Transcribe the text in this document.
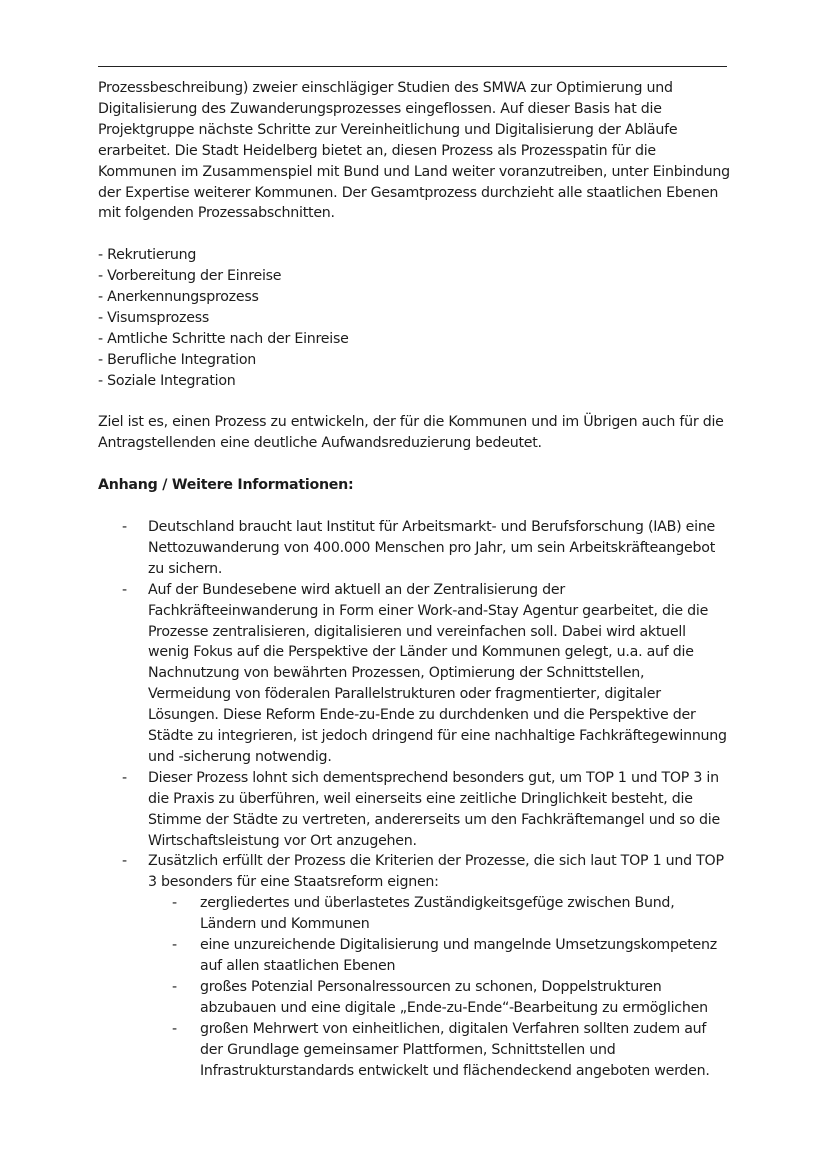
Prozessbeschreibung) zweier einschlägiger Studien des SMWA zur Optimierung und Digitalisierung des Zuwanderungsprozesses eingeflossen. Auf dieser Basis hat die Projektgruppe nächste Schritte zur Vereinheitlichung und Digitalisierung der Abläufe erarbeitet. Die Stadt Heidelberg bietet an, diesen Prozess als Prozesspatin für die Kommunen im Zusammenspiel mit Bund und Land weiter voranzutreiben, unter Einbindung der Expertise weiterer Kommunen. Der Gesamtprozess durchzieht alle staatlichen Ebenen mit folgenden Prozessabschnitten.

- Rekrutierung
- Vorbereitung der Einreise
- Anerkennungsprozess
- Visumsprozess
- Amtliche Schritte nach der Einreise
- Berufliche Integration
- Soziale Integration

Ziel ist es, einen Prozess zu entwickeln, der für die Kommunen und im Übrigen auch für die Antragstellenden eine deutliche Aufwandsreduzierung bedeutet.

Anhang / Weitere Informationen:

- Deutschland braucht laut Institut für Arbeitsmarkt- und Berufsforschung (IAB) eine Nettozuwanderung von 400.000 Menschen pro Jahr, um sein Arbeitskräfteangebot zu sichern.
- Auf der Bundesebene wird aktuell an der Zentralisierung der Fachkräfteeinwanderung in Form einer Work-and-Stay Agentur gearbeitet, die die Prozesse zentralisieren, digitalisieren und vereinfachen soll. Dabei wird aktuell wenig Fokus auf die Perspektive der Länder und Kommunen gelegt, u.a. auf die Nachnutzung von bewährten Prozessen, Optimierung der Schnittstellen, Vermeidung von föderalen Parallelstrukturen oder fragmentierter, digitaler Lösungen. Diese Reform Ende-zu-Ende zu durchdenken und die Perspektive der Städte zu integrieren, ist jedoch dringend für eine nachhaltige Fachkräftegewinnung und -sicherung notwendig.
- Dieser Prozess lohnt sich dementsprechend besonders gut, um TOP 1 und TOP 3 in die Praxis zu überführen, weil einerseits eine zeitliche Dringlichkeit besteht, die Stimme der Städte zu vertreten, andererseits um den Fachkräftemangel und so die Wirtschaftsleistung vor Ort anzugehen.
- Zusätzlich erfüllt der Prozess die Kriterien der Prozesse, die sich laut TOP 1 und TOP 3 besonders für eine Staatsreform eignen:
- zergliedertes und überlastetes Zuständigkeitsgefüge zwischen Bund, Ländern und Kommunen
- eine unzureichende Digitalisierung und mangelnde Umsetzungskompetenz auf allen staatlichen Ebenen
- großes Potenzial Personalressourcen zu schonen, Doppelstrukturen abzubauen und eine digitale „Ende-zu-Ende“-Bearbeitung zu ermöglichen
- großen Mehrwert von einheitlichen, digitalen Verfahren sollten zudem auf der Grundlage gemeinsamer Plattformen, Schnittstellen und Infrastrukturstandards entwickelt und flächendeckend angeboten werden.
